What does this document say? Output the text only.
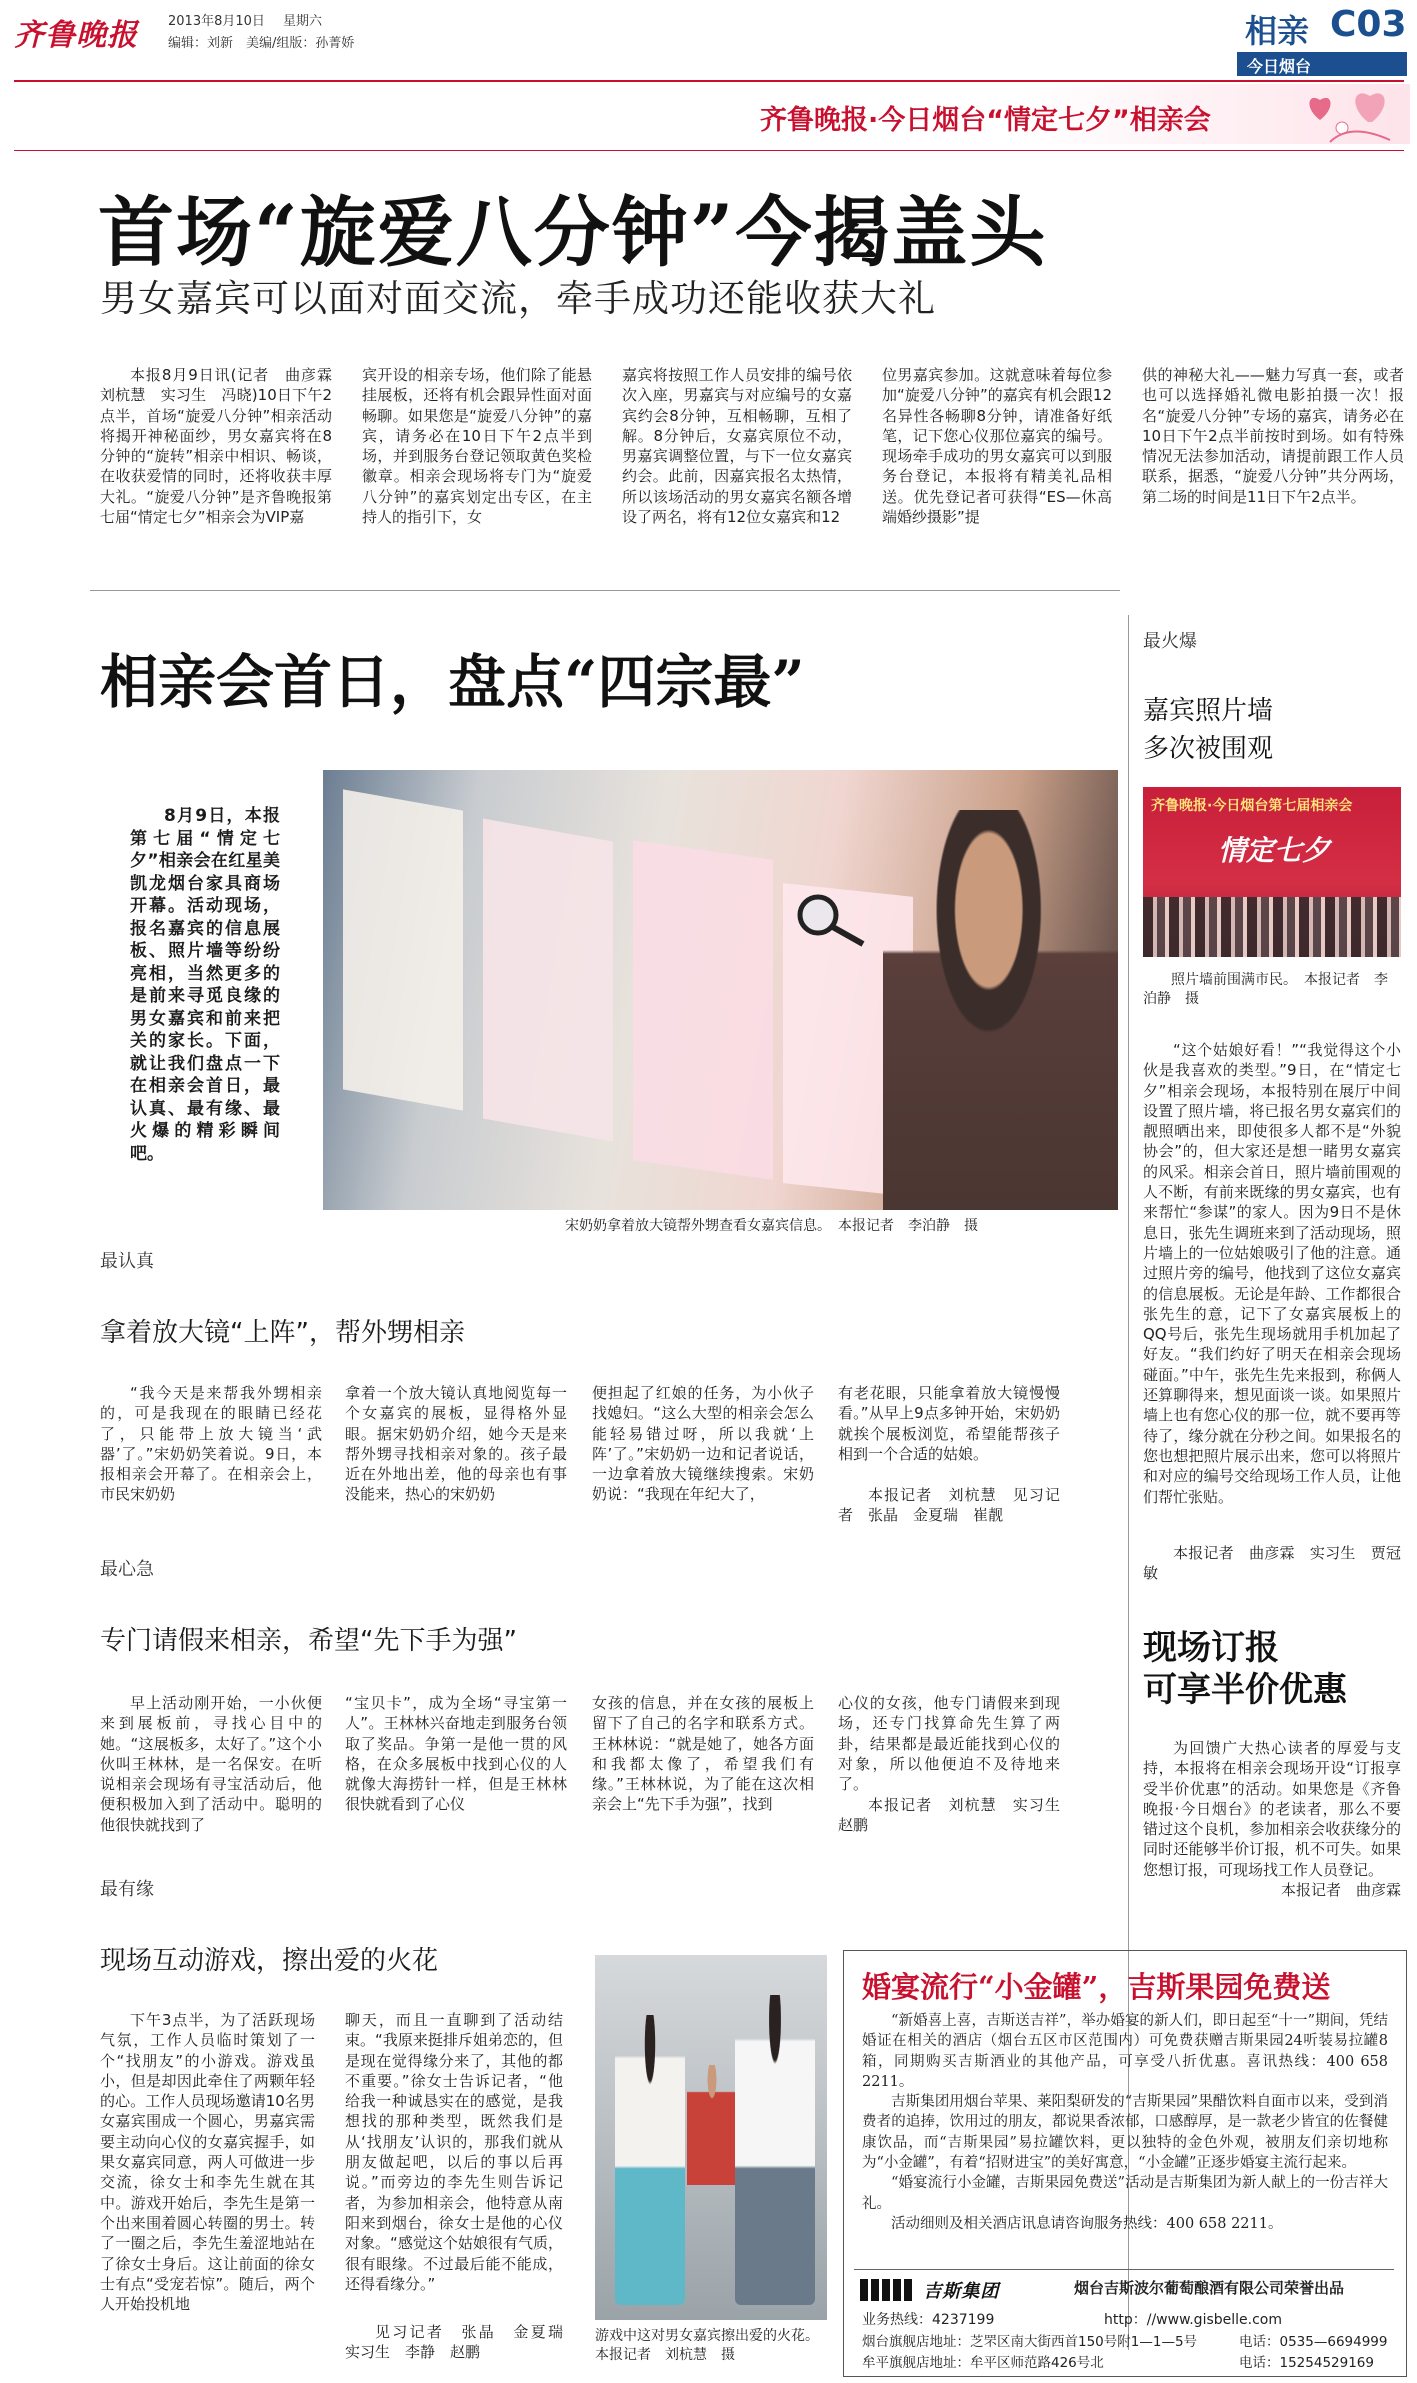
齐鲁晚报 2013年8月10日 星期六
编辑：刘新　美编/组版：孙菁娇	相亲 C03
今日烟台
齐鲁晚报·今日烟台“情定七夕”相亲会
首场“旋爱八分钟”今揭盖头
男女嘉宾可以面对面交流，牵手成功还能收获大礼

本报8月9日讯(记者　曲彦霖　刘杭慧　实习生　冯晓)10日下午2点半，首场“旋爱八分钟”相亲活动将揭开神秘面纱，男女嘉宾将在8分钟的“旋转”相亲中相识、畅谈，在收获爱情的同时，还将收获丰厚大礼。“旋爱八分钟”是齐鲁晚报第七届“情定七夕”相亲会为VIP嘉

宾开设的相亲专场，他们除了能悬挂展板，还将有机会跟异性面对面畅聊。如果您是“旋爱八分钟”的嘉宾，请务必在10日下午2点半到场，并到服务台登记领取黄色奖检徽章。相亲会现场将专门为“旋爱八分钟”的嘉宾划定出专区，在主持人的指引下，女

嘉宾将按照工作人员安排的编号依次入座，男嘉宾与对应编号的女嘉宾约会8分钟，互相畅聊，互相了解。8分钟后，女嘉宾原位不动，男嘉宾调整位置，与下一位女嘉宾约会。此前，因嘉宾报名太热情，所以该场活动的男女嘉宾名额各增设了两名，将有12位女嘉宾和12

位男嘉宾参加。这就意味着每位参加“旋爱八分钟”的嘉宾有机会跟12名异性各畅聊8分钟，请准备好纸笔，记下您心仪那位嘉宾的编号。现场牵手成功的男女嘉宾可以到服务台登记，本报将有精美礼品相送。优先登记者可获得“ES—休高端婚纱摄影”提

供的神秘大礼——魅力写真一套，或者也可以选择婚礼微电影拍摄一次！报名“旋爱八分钟”专场的嘉宾，请务必在10日下午2点半前按时到场。如有特殊情况无法参加活动，请提前跟工作人员联系，据悉，“旋爱八分钟”共分两场，第二场的时间是11日下午2点半。

相亲会首日，盘点“四宗最”

8月9日，本报第七届“情定七夕”相亲会在红星美凯龙烟台家具商场开幕。活动现场，报名嘉宾的信息展板、照片墙等纷纷亮相，当然更多的是前来寻觅良缘的男女嘉宾和前来把关的家长。下面，就让我们盘点一下在相亲会首日，最认真、最有缘、最火爆的精彩瞬间吧。

宋奶奶拿着放大镜帮外甥查看女嘉宾信息。　本报记者　李泊静　摄
最认真
拿着放大镜“上阵”，帮外甥相亲

“我今天是来帮我外甥相亲的，可是我现在的眼睛已经花了，只能带上放大镜当‘武器’了。”宋奶奶笑着说。9日，本报相亲会开幕了。在相亲会上，市民宋奶奶

拿着一个放大镜认真地阅览每一个女嘉宾的展板，显得格外显眼。据宋奶奶介绍，她今天是来帮外甥寻找相亲对象的。孩子最近在外地出差，他的母亲也有事没能来，热心的宋奶奶

便担起了红娘的任务，为小伙子找媳妇。“这么大型的相亲会怎么能轻易错过呀，所以我就‘上阵’了。”宋奶奶一边和记者说话，一边拿着放大镜继续搜索。宋奶奶说：“我现在年纪大了，

有老花眼，只能拿着放大镜慢慢看。”从早上9点多钟开始，宋奶奶就挨个展板浏览，希望能帮孩子相到一个合适的姑娘。

本报记者　刘杭慧　见习记者　张晶　金夏瑞　崔靓

最心急
专门请假来相亲，希望“先下手为强”

早上活动刚开始，一小伙便来到展板前，寻找心目中的她。“这展板多，太好了。”这个小伙叫王林林，是一名保安。在听说相亲会现场有寻宝活动后，他便积极加入到了活动中。聪明的他很快就找到了

“宝贝卡”，成为全场“寻宝第一人”。王林林兴奋地走到服务台领取了奖品。争第一是他一贯的风格，在众多展板中找到心仪的人就像大海捞针一样，但是王林林很快就看到了心仪

女孩的信息，并在女孩的展板上留下了自己的名字和联系方式。王林林说：“就是她了，她各方面和我都太像了，希望我们有缘。”王林林说，为了能在这次相亲会上“先下手为强”，找到

心仪的女孩，他专门请假来到现场，还专门找算命先生算了两卦，结果都是最近能找到心仪的对象，所以他便迫不及待地来了。

本报记者　刘杭慧　实习生　赵鹏

最有缘
现场互动游戏，擦出爱的火花

下午3点半，为了活跃现场气氛，工作人员临时策划了一个“找朋友”的小游戏。游戏虽小，但是却因此牵住了两颗年轻的心。工作人员现场邀请10名男女嘉宾围成一个圆心，男嘉宾需要主动向心仪的女嘉宾握手，如果女嘉宾同意，两人可做进一步交流，徐女士和李先生就在其中。游戏开始后，李先生是第一个出来围着圆心转圈的男士。转了一圈之后，李先生羞涩地站在了徐女士身后。这让前面的徐女士有点“受宠若惊”。随后，两个人开始投机地

聊天，而且一直聊到了活动结束。“我原来挺排斥姐弟恋的，但是现在觉得缘分来了，其他的都不重要。”徐女士告诉记者，“他给我一种诚恳实在的感觉，是我想找的那种类型，既然我们是从‘找朋友’认识的，那我们就从朋友做起吧，以后的事以后再说。”而旁边的李先生则告诉记者，为参加相亲会，他特意从南阳来到烟台，徐女士是他的心仪对象。“感觉这个姑娘很有气质，很有眼缘。不过最后能不能成，还得看缘分。”

见习记者　张晶　金夏瑞　实习生　李静　赵鹏

游戏中这对男女嘉宾擦出爱的火花。本报记者　刘杭慧　摄
最火爆
嘉宾照片墙
多次被围观
齐鲁晚报·今日烟台第七届相亲会
情定七夕
照片墙前围满市民。　本报记者　李泊静　摄

“这个姑娘好看！”“我觉得这个小伙是我喜欢的类型。”9日，在“情定七夕”相亲会现场，本报特别在展厅中间设置了照片墙，将已报名男女嘉宾们的靓照晒出来，即使很多人都不是“外貌协会”的，但大家还是想一睹男女嘉宾的风采。相亲会首日，照片墙前围观的人不断，有前来既缘的男女嘉宾，也有来帮忙“参谋”的家人。因为9日不是休息日，张先生调班来到了活动现场，照片墙上的一位姑娘吸引了他的注意。通过照片旁的编号，他找到了这位女嘉宾的信息展板。无论是年龄、工作都很合张先生的意，记下了女嘉宾展板上的QQ号后，张先生现场就用手机加起了好友。“我们约好了明天在相亲会现场碰面。”中午，张先生先来报到，称俩人还算聊得来，想见面谈一谈。如果照片墙上也有您心仪的那一位，就不要再等待了，缘分就在分秒之间。如果报名的您也想把照片展示出来，您可以将照片和对应的编号交给现场工作人员，让他们帮忙张贴。

本报记者　曲彦霖　实习生　贾冠敏

现场订报
可享半价优惠

为回馈广大热心读者的厚爱与支持，本报将在相亲会现场开设“订报享受半价优惠”的活动。如果您是《齐鲁晚报·今日烟台》的老读者，那么不要错过这个良机，参加相亲会收获缘分的同时还能够半价订报，机不可失。如果您想订报，可现场找工作人员登记。

本报记者　曲彦霖

婚宴流行“小金罐”，吉斯果园免费送

“新婚喜上喜，吉斯送吉祥”，举办婚宴的新人们，即日起至“十一”期间，凭结婚证在相关的酒店（烟台五区市区范围内）可免费获赠吉斯果园24听装易拉罐8箱，同期购买吉斯酒业的其他产品，可享受八折优惠。喜讯热线：400 658 2211。

吉斯集团用烟台苹果、莱阳梨研发的“吉斯果园”果醋饮料自面市以来，受到消费者的追捧，饮用过的朋友，都说果香浓郁，口感醇厚，是一款老少皆宜的佐餐健康饮品，而“吉斯果园”易拉罐饮料，更以独特的金色外观，被朋友们亲切地称为“小金罐”，有着“招财进宝”的美好寓意，“小金罐”正逐步婚宴主流行起来。

“婚宴流行小金罐，吉斯果园免费送”活动是吉斯集团为新人献上的一份吉祥大礼。

活动细则及相关酒店讯息请咨询服务热线：400 658 2211。

吉斯集团	烟台吉斯波尔葡萄酿酒有限公司荣誉出品
业务热线：4237199	http：//www.gisbelle.com
烟台旗舰店地址：芝罘区南大街西首150号附1—1—5号	电话：0535—6694999
牟平旗舰店地址：牟平区师范路426号北	电话：15254529169
